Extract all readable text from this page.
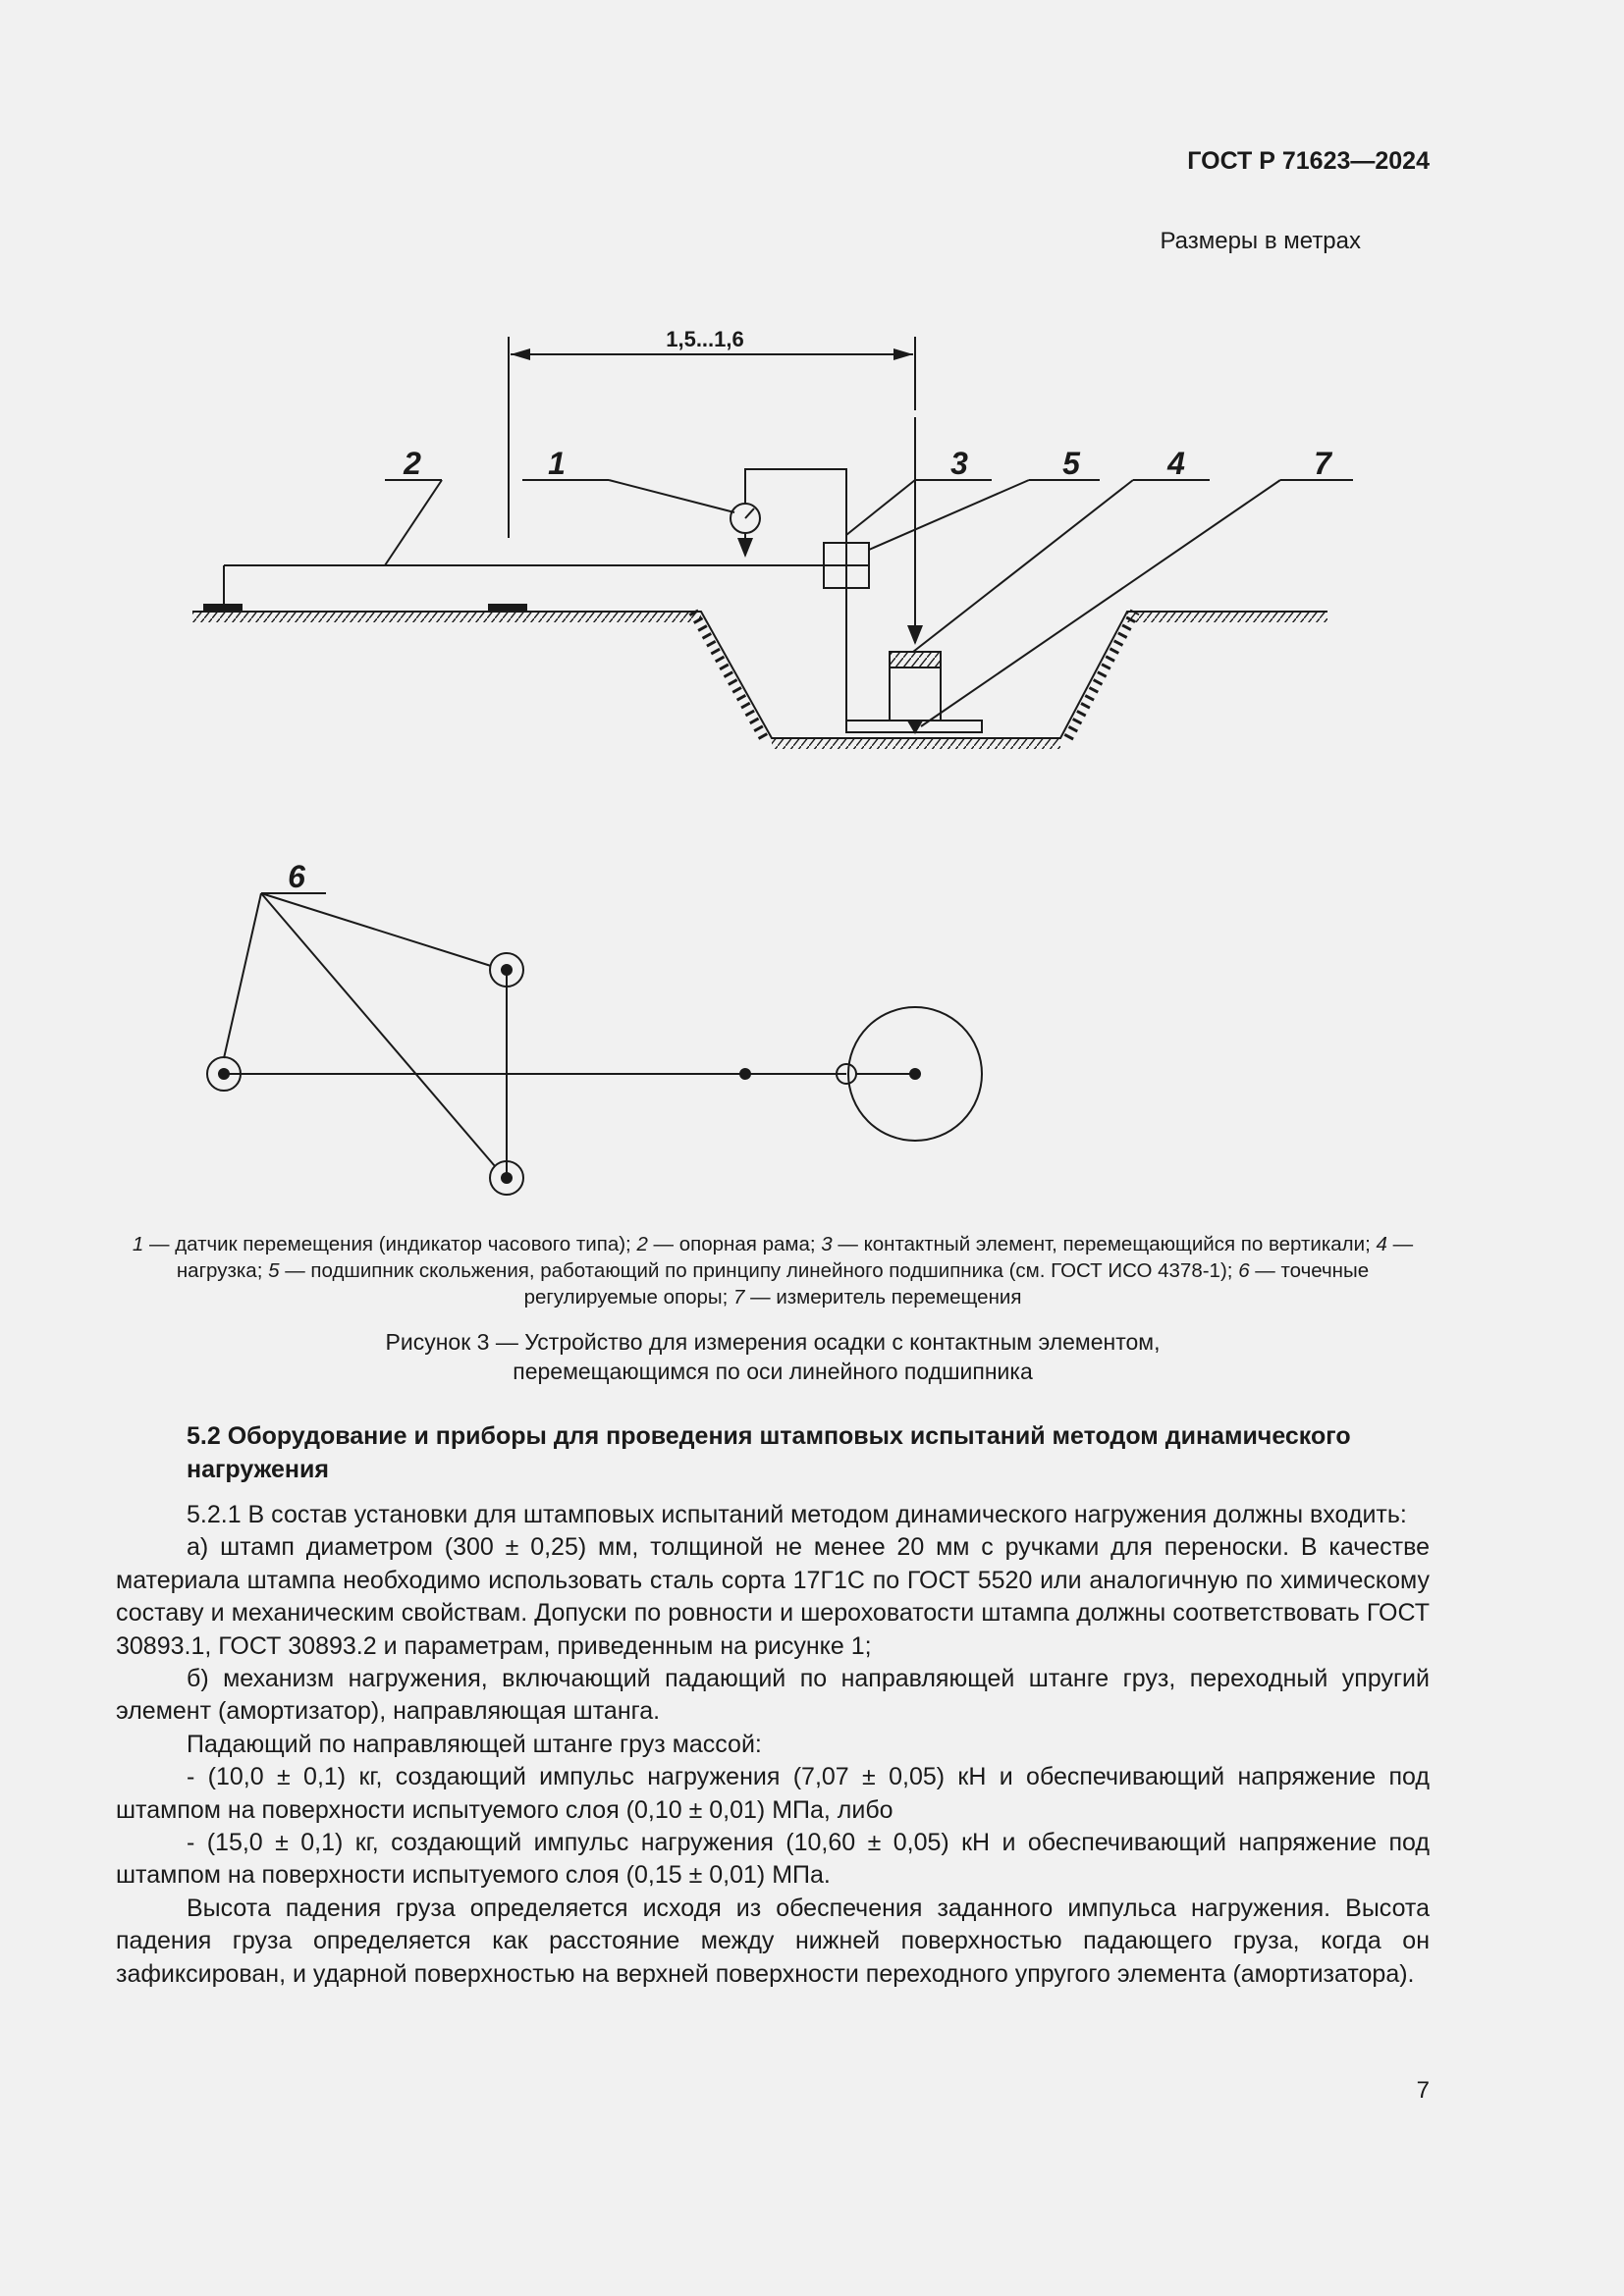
ГОСТ Р 71623—2024
Размеры в метрах
1,5...1,6
2	1	3	5	4	7
6
1 — датчик перемещения (индикатор часового типа); 2 — опорная рама; 3 — контактный элемент, перемещающийся по вертикали; 4 — нагрузка; 5 — подшипник скольжения, работающий по принципу линейного подшипника (см. ГОСТ ИСО 4378-1); 6 — точечные регулируемые опоры; 7 — измеритель перемещения
Рисунок 3 — Устройство для измерения осадки с контактным элементом,
перемещающимся по оси линейного подшипника
5.2 Оборудование и приборы для проведения штамповых испытаний методом динамического нагружения

5.2.1 В состав установки для штамповых испытаний методом динамического нагружения должны входить:

а) штамп диаметром (300 ± 0,25) мм, толщиной не менее 20 мм с ручками для переноски. В качестве материала штампа необходимо использовать сталь сорта 17Г1С по ГОСТ 5520 или аналогичную по химическому составу и механическим свойствам. Допуски по ровности и шероховатости штампа должны соответствовать ГОСТ 30893.1, ГОСТ 30893.2 и параметрам, приведенным на рисунке 1;

б) механизм нагружения, включающий падающий по направляющей штанге груз, переходный упругий элемент (амортизатор), направляющая штанга.

Падающий по направляющей штанге груз массой:

- (10,0 ± 0,1) кг, создающий импульс нагружения (7,07 ± 0,05) кН и обеспечивающий напряжение под штампом на поверхности испытуемого слоя (0,10 ± 0,01) МПа, либо

- (15,0 ± 0,1) кг, создающий импульс нагружения (10,60 ± 0,05) кН и обеспечивающий напряжение под штампом на поверхности испытуемого слоя (0,15 ± 0,01) МПа.

Высота падения груза определяется исходя из обеспечения заданного импульса нагружения. Высота падения груза определяется как расстояние между нижней поверхностью падающего груза, когда он зафиксирован, и ударной поверхностью на верхней поверхности переходного упругого элемента (амортизатора).

7
